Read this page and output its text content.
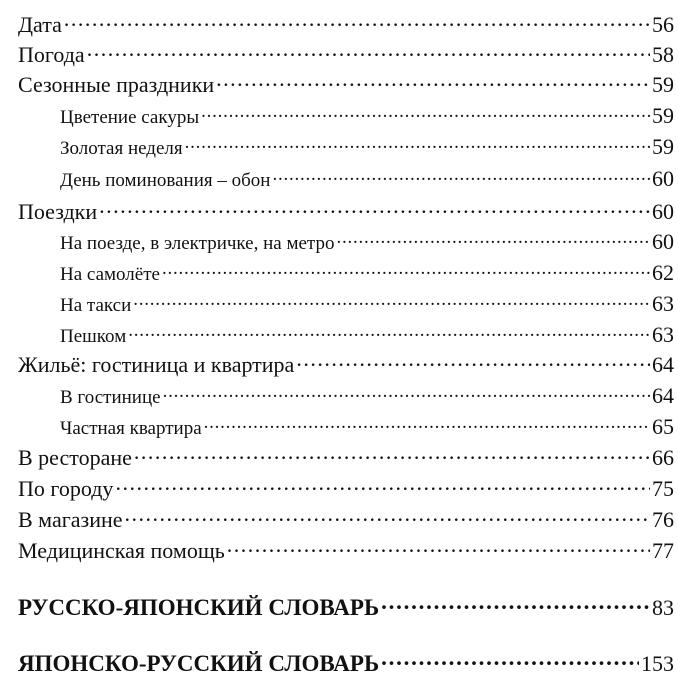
Дата . . .	56
Погода . . .	58
Сезонные праздники . . .	59
Цветение сакуры . . .	59
Золотая неделя . . .	59
День поминования – обон . . .	60
Поездки . . .	60
На поезде, в электричке, на метро . . .	60
На самолёте . . .	62
На такси . . .	63
Пешком . . .	63
Жильё: гостиница и квартира . . .	64
В гостинице . . .	64
Частная квартира . . .	65
В ресторане . . .	66
По городу . . .	75
В магазине . . .	76
Медицинская помощь . . .	77
РУССКО-ЯПОНСКИЙ СЛОВАРЬ . . .	83
ЯПОНСКО-РУССКИЙ СЛОВАРЬ . . .	153
